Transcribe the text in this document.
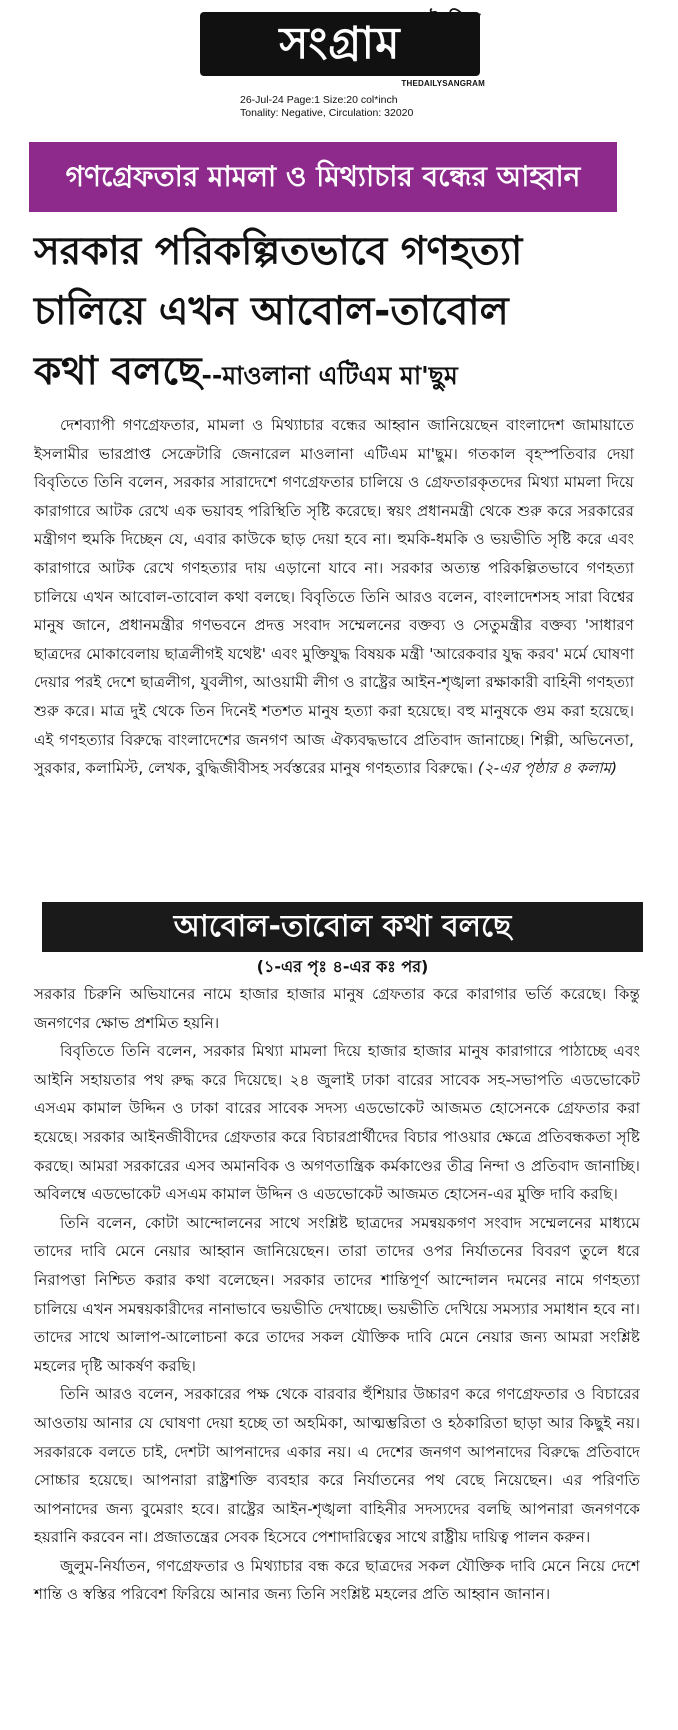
সংগ্রাম
THEDAILYSANGRAM
26-Jul-24 Page:1 Size:20 col*inch
Tonality: Negative, Circulation: 32020
গণগ্রেফতার মামলা ও মিথ্যাচার বন্ধের আহ্বান
সরকার পরিকল্পিতভাবে গণহত্যা
চালিয়ে এখন আবোল-তাবোল
কথা বলছে--মাওলানা এটিএম মা'ছুম

দেশব্যাপী গণগ্রেফতার, মামলা ও মিথ্যাচার বন্ধের আহ্বান জানিয়েছেন বাংলাদেশ জামায়াতে ইসলামীর ভারপ্রাপ্ত সেক্রেটারি জেনারেল মাওলানা এটিএম মা'ছুম। গতকাল বৃহস্পতিবার দেয়া বিবৃতিতে তিনি বলেন, সরকার সারাদেশে গণগ্রেফতার চালিয়ে ও গ্রেফতারকৃতদের মিথ্যা মামলা দিয়ে কারাগারে আটক রেখে এক ভয়াবহ পরিস্থিতি সৃষ্টি করেছে। স্বয়ং প্রধানমন্ত্রী থেকে শুরু করে সরকারের মন্ত্রীগণ হুমকি দিচ্ছেন যে, এবার কাউকে ছাড় দেয়া হবে না। হুমকি-ধমকি ও ভয়ভীতি সৃষ্টি করে এবং কারাগারে আটক রেখে গণহত্যার দায় এড়ানো যাবে না। সরকার অত্যন্ত পরিকল্পিতভাবে গণহত্যা চালিয়ে এখন আবোল-তাবোল কথা বলছে। বিবৃতিতে তিনি আরও বলেন, বাংলাদেশসহ সারা বিশ্বের মানুষ জানে, প্রধানমন্ত্রীর গণভবনে প্রদত্ত সংবাদ সম্মেলনের বক্তব্য ও সেতুমন্ত্রীর বক্তব্য 'সাধারণ ছাত্রদের মোকাবেলায় ছাত্রলীগই যথেষ্ট' এবং মুক্তিযুদ্ধ বিষয়ক মন্ত্রী 'আরেকবার যুদ্ধ করব' মর্মে ঘোষণা দেয়ার পরই দেশে ছাত্রলীগ, যুবলীগ, আওয়ামী লীগ ও রাষ্ট্রের আইন-শৃঙ্খলা রক্ষাকারী বাহিনী গণহত্যা শুরু করে। মাত্র দুই থেকে তিন দিনেই শতশত মানুষ হত্যা করা হয়েছে। বহু মানুষকে গুম করা হয়েছে। এই গণহত্যার বিরুদ্ধে বাংলাদেশের জনগণ আজ ঐক্যবদ্ধভাবে প্রতিবাদ জানাচ্ছে। শিল্পী, অভিনেতা, সুরকার, কলামিস্ট, লেখক, বুদ্ধিজীবীসহ সর্বস্তরের মানুষ গণহত্যার বিরুদ্ধে। (২-এর পৃষ্ঠার ৪ কলাম)

আবোল-তাবোল কথা বলছে
(১-এর পৃঃ ৪-এর কঃ পর)

সরকার চিরুনি অভিযানের নামে হাজার হাজার মানুষ গ্রেফতার করে কারাগার ভর্তি করেছে। কিন্তু জনগণের ক্ষোভ প্রশমিত হয়নি।

বিবৃতিতে তিনি বলেন, সরকার মিথ্যা মামলা দিয়ে হাজার হাজার মানুষ কারাগারে পাঠাচ্ছে এবং আইনি সহায়তার পথ রুদ্ধ করে দিয়েছে। ২৪ জুলাই ঢাকা বারের সাবেক সহ-সভাপতি এডভোকেট এসএম কামাল উদ্দিন ও ঢাকা বারের সাবেক সদস্য এডভোকেট আজমত হোসেনকে গ্রেফতার করা হয়েছে। সরকার আইনজীবীদের গ্রেফতার করে বিচারপ্রার্থীদের বিচার পাওয়ার ক্ষেত্রে প্রতিবন্ধকতা সৃষ্টি করছে। আমরা সরকারের এসব অমানবিক ও অগণতান্ত্রিক কর্মকাণ্ডের তীব্র নিন্দা ও প্রতিবাদ জানাচ্ছি। অবিলম্বে এডভোকেট এসএম কামাল উদ্দিন ও এডভোকেট আজমত হোসেন-এর মুক্তি দাবি করছি।

তিনি বলেন, কোটা আন্দোলনের সাথে সংশ্লিষ্ট ছাত্রদের সমন্বয়কগণ সংবাদ সম্মেলনের মাধ্যমে তাদের দাবি মেনে নেয়ার আহ্বান জানিয়েছেন। তারা তাদের ওপর নির্যাতনের বিবরণ তুলে ধরে নিরাপত্তা নিশ্চিত করার কথা বলেছেন। সরকার তাদের শান্তিপূর্ণ আন্দোলন দমনের নামে গণহত্যা চালিয়ে এখন সমন্বয়কারীদের নানাভাবে ভয়ভীতি দেখাচ্ছে। ভয়ভীতি দেখিয়ে সমস্যার সমাধান হবে না। তাদের সাথে আলাপ-আলোচনা করে তাদের সকল যৌক্তিক দাবি মেনে নেয়ার জন্য আমরা সংশ্লিষ্ট মহলের দৃষ্টি আকর্ষণ করছি।

তিনি আরও বলেন, সরকারের পক্ষ থেকে বারবার হুঁশিয়ার উচ্চারণ করে গণগ্রেফতার ও বিচারের আওতায় আনার যে ঘোষণা দেয়া হচ্ছে তা অহমিকা, আত্মম্ভরিতা ও হঠকারিতা ছাড়া আর কিছুই নয়। সরকারকে বলতে চাই, দেশটা আপনাদের একার নয়। এ দেশের জনগণ আপনাদের বিরুদ্ধে প্রতিবাদে সোচ্চার হয়েছে। আপনারা রাষ্ট্রশক্তি ব্যবহার করে নির্যাতনের পথ বেছে নিয়েছেন। এর পরিণতি আপনাদের জন্য বুমেরাং হবে। রাষ্ট্রের আইন-শৃঙ্খলা বাহিনীর সদস্যদের বলছি আপনারা জনগণকে হয়রানি করবেন না। প্রজাতন্ত্রের সেবক হিসেবে পেশাদারিত্বের সাথে রাষ্ট্রীয় দায়িত্ব পালন করুন।

জুলুম-নির্যাতন, গণগ্রেফতার ও মিথ্যাচার বন্ধ করে ছাত্রদের সকল যৌক্তিক দাবি মেনে নিয়ে দেশে শান্তি ও স্বস্তির পরিবেশ ফিরিয়ে আনার জন্য তিনি সংশ্লিষ্ট মহলের প্রতি আহ্বান জানান।
